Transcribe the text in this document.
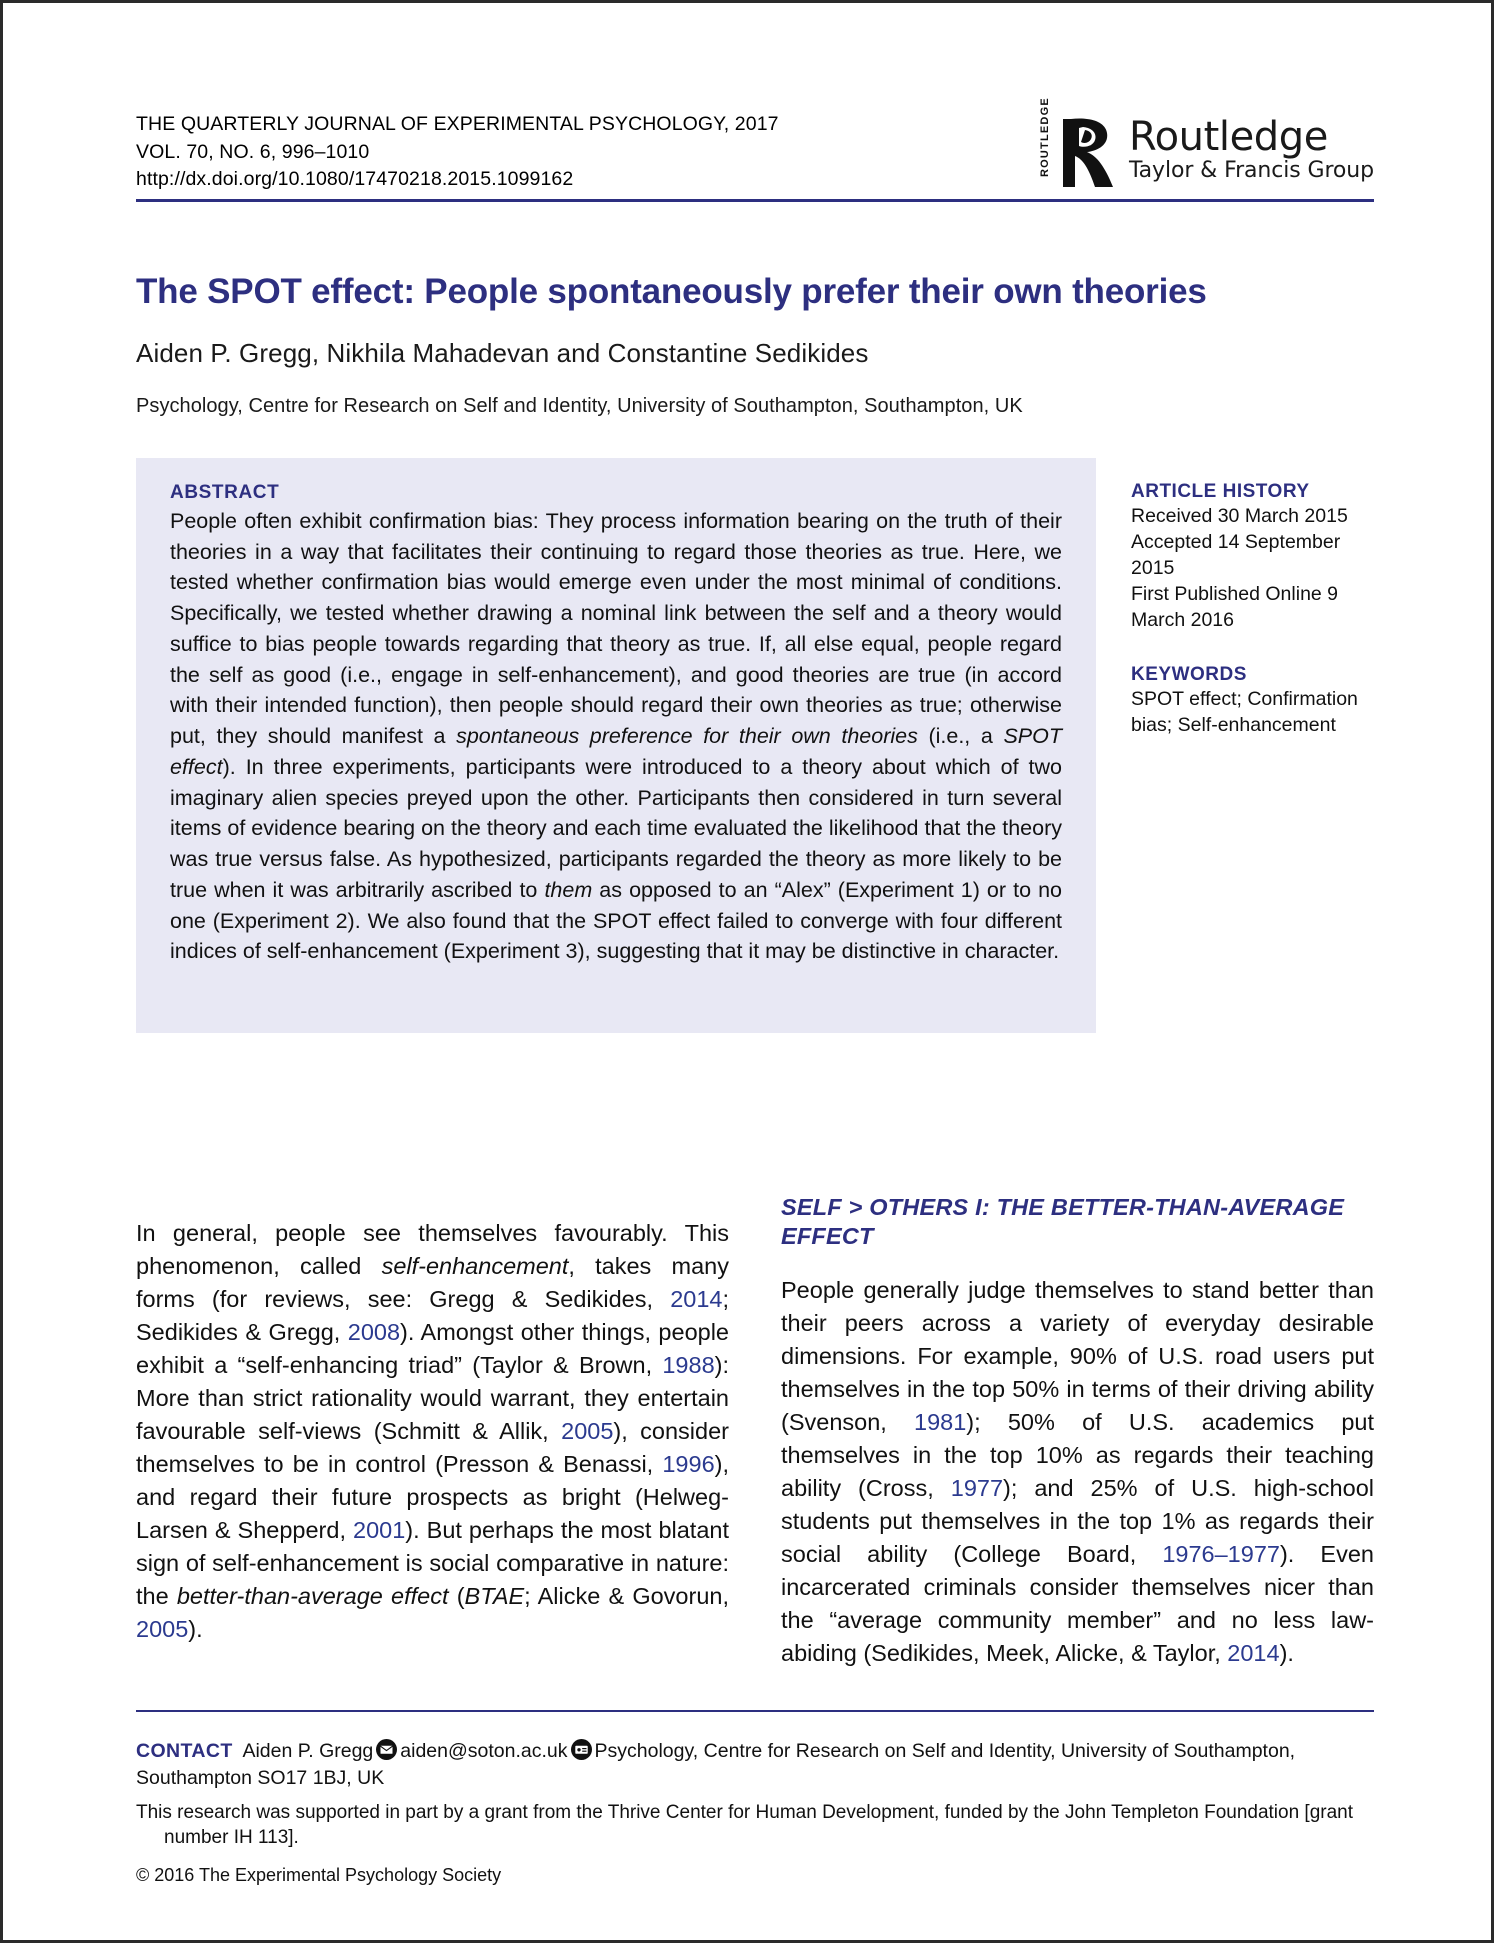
THE QUARTERLY JOURNAL OF EXPERIMENTAL PSYCHOLOGY, 2017
VOL. 70, NO. 6, 996–1010
http://dx.doi.org/10.1080/17470218.2015.1099162
ROUTLEDGE Routledge
Taylor & Francis Group
The SPOT effect: People spontaneously prefer their own theories
Aiden P. Gregg, Nikhila Mahadevan and Constantine Sedikides
Psychology, Centre for Research on Self and Identity, University of Southampton, Southampton, UK
ABSTRACT
People often exhibit confirmation bias: They process information bearing on the truth of their theories in a way that facilitates their continuing to regard those theories as true. Here, we tested whether confirmation bias would emerge even under the most minimal of conditions. Specifically, we tested whether drawing a nominal link between the self and a theory would suffice to bias people towards regarding that theory as true. If, all else equal, people regard the self as good (i.e., engage in self-enhancement), and good theories are true (in accord with their intended function), then people should regard their own theories as true; otherwise put, they should manifest a spontaneous preference for their own theories (i.e., a SPOT effect). In three experiments, participants were introduced to a theory about which of two imaginary alien species preyed upon the other. Participants then considered in turn several items of evidence bearing on the theory and each time evaluated the likelihood that the theory was true versus false. As hypothesized, participants regarded the theory as more likely to be true when it was arbitrarily ascribed to them as opposed to an “Alex” (Experiment 1) or to no one (Experiment 2). We also found that the SPOT effect failed to converge with four different indices of self-enhancement (Experiment 3), suggesting that it may be distinctive in character.
ARTICLE HISTORY
Received 30 March 2015
Accepted 14 September 2015
First Published Online 9 March 2016
KEYWORDS
SPOT effect; Confirmation bias; Self-enhancement

In general, people see themselves favourably. This phenomenon, called self-enhancement, takes many forms (for reviews, see: Gregg & Sedikides, 2014; Sedikides & Gregg, 2008). Amongst other things, people exhibit a “self-enhancing triad” (Taylor & Brown, 1988): More than strict rationality would warrant, they entertain favourable self-views (Schmitt & Allik, 2005), consider themselves to be in control (Presson & Benassi, 1996), and regard their future prospects as bright (Helweg-Larsen & Shepperd, 2001). But perhaps the most blatant sign of self-enhancement is social comparative in nature: the better-than-average effect (BTAE; Alicke & Govorun, 2005).

SELF > OTHERS I: THE BETTER-THAN-AVERAGE EFFECT

People generally judge themselves to stand better than their peers across a variety of everyday desirable dimensions. For example, 90% of U.S. road users put themselves in the top 50% in terms of their driving ability (Svenson, 1981); 50% of U.S. academics put themselves in the top 10% as regards their teaching ability (Cross, 1977); and 25% of U.S. high-school students put themselves in the top 1% as regards their social ability (College Board, 1976–1977). Even incarcerated criminals consider themselves nicer than the “average community member” and no less law-abiding (Sedikides, Meek, Alicke, & Taylor, 2014).

CONTACT Aiden P. Gregg aiden@soton.ac.uk Psychology, Centre for Research on Self and Identity, University of Southampton, Southampton SO17 1BJ, UK
This research was supported in part by a grant from the Thrive Center for Human Development, funded by the John Templeton Foundation [grant
number IH 113].
© 2016 The Experimental Psychology Society
